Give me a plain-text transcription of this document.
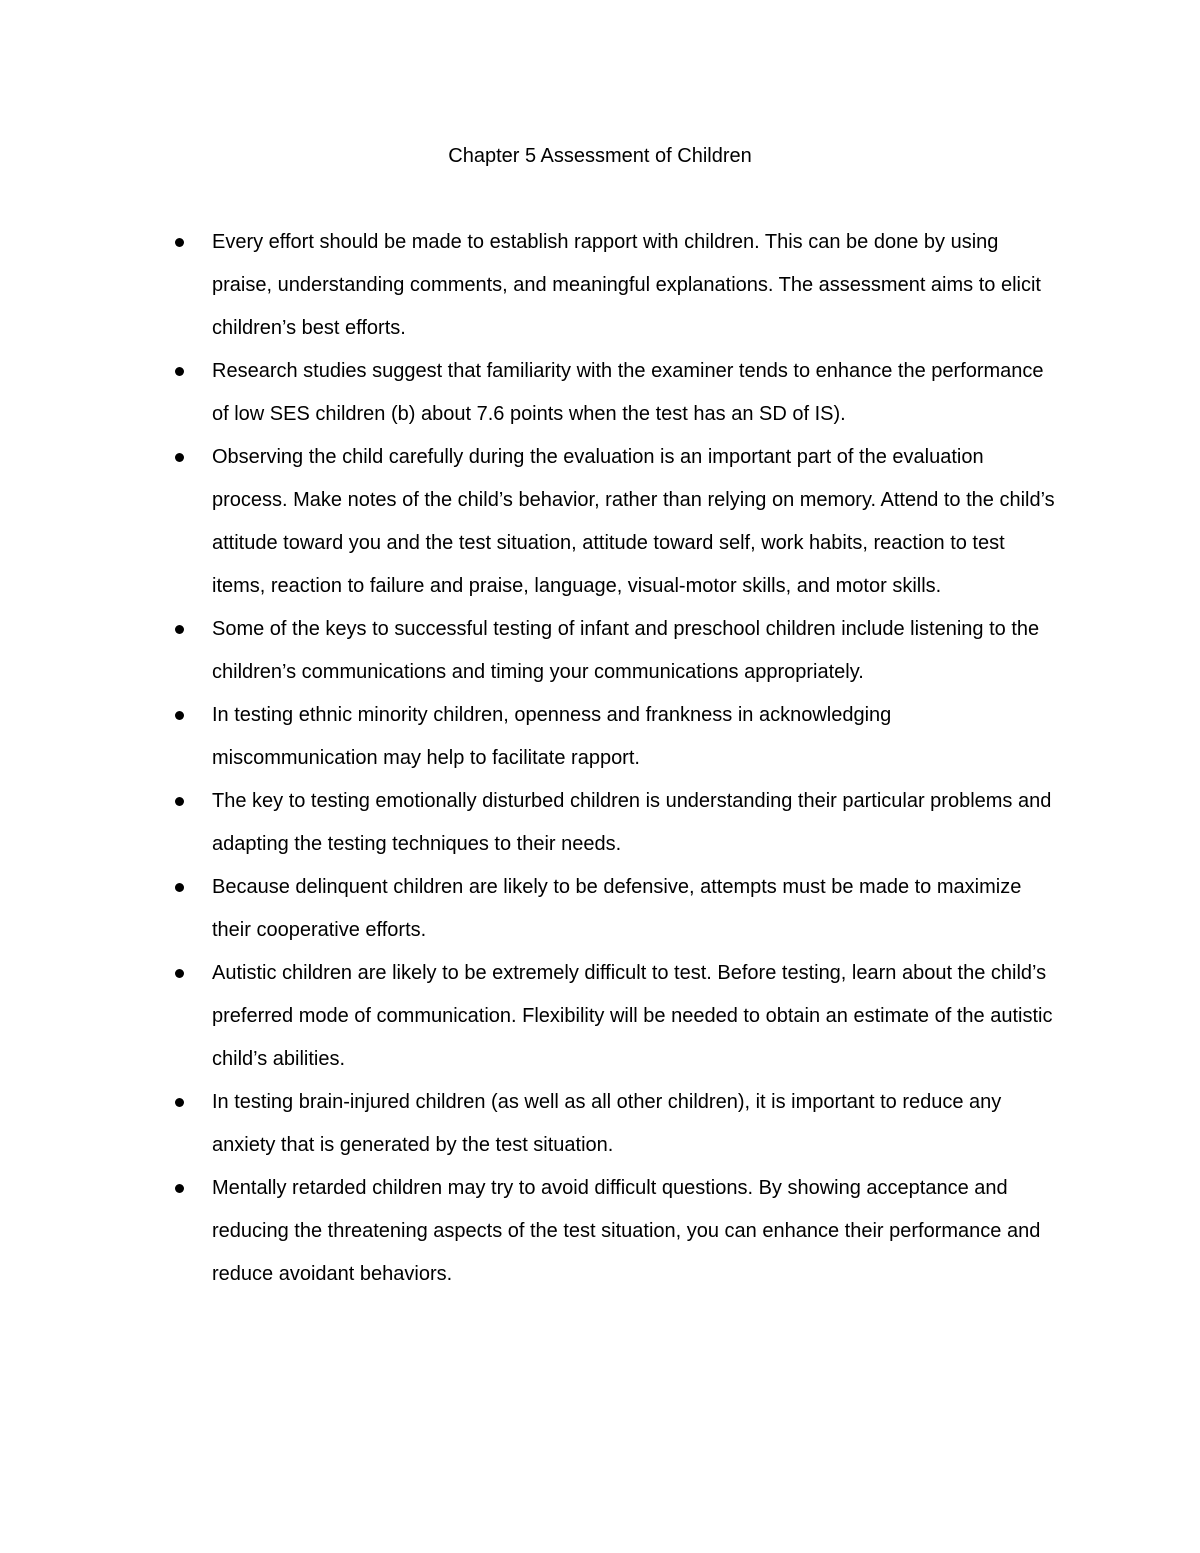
Chapter 5 Assessment of Children
Every effort should be made to establish rapport with children. This can be done by using praise, understanding comments, and meaningful explanations. The assessment aims to elicit children’s best efforts.
Research studies suggest that familiarity with the examiner tends to enhance the performance of low SES children (b) about 7.6 points when the test has an SD of IS).
Observing the child carefully during the evaluation is an important part of the evaluation process. Make notes of the child’s behavior, rather than relying on memory. Attend to the child’s attitude toward you and the test situation, attitude toward self, work habits, reaction to test items, reaction to failure and praise, language, visual-motor skills, and motor skills.
Some of the keys to successful testing of infant and preschool children include listening to the children’s communications and timing your communications appropriately.
In testing ethnic minority children, openness and frankness in acknowledging miscommunication may help to facilitate rapport.
The key to testing emotionally disturbed children is understanding their particular problems and adapting the testing techniques to their needs.
Because delinquent children are likely to be defensive, attempts must be made to maximize their cooperative efforts.
Autistic children are likely to be extremely difficult to test. Before testing, learn about the child’s preferred mode of communication. Flexibility will be needed to obtain an estimate of the autistic child’s abilities.
In testing brain-injured children (as well as all other children), it is important to reduce any anxiety that is generated by the test situation.
Mentally retarded children may try to avoid difficult questions. By showing acceptance and reducing the threatening aspects of the test situation, you can enhance their performance and reduce avoidant behaviors.
